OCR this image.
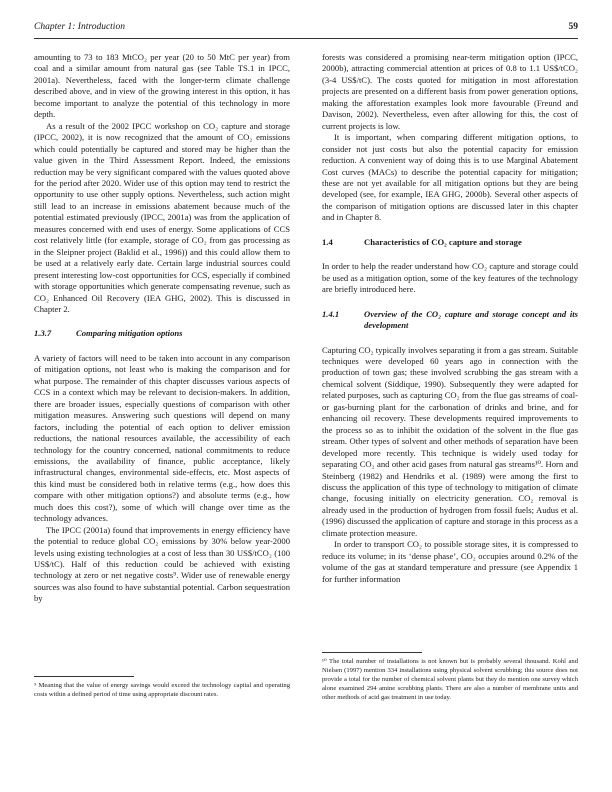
Chapter 1: Introduction	59

amounting to 73 to 183 MtCO₂ per year (20 to 50 MtC per year) from coal and a similar amount from natural gas (see Table TS.1 in IPCC, 2001a). Nevertheless, faced with the longer-term climate challenge described above, and in view of the growing interest in this option, it has become important to analyze the potential of this technology in more depth.

As a result of the 2002 IPCC workshop on CO₂ capture and storage (IPCC, 2002), it is now recognized that the amount of CO₂ emissions which could potentially be captured and stored may be higher than the value given in the Third Assessment Report. Indeed, the emissions reduction may be very significant compared with the values quoted above for the period after 2020. Wider use of this option may tend to restrict the opportunity to use other supply options. Nevertheless, such action might still lead to an increase in emissions abatement because much of the potential estimated previously (IPCC, 2001a) was from the application of measures concerned with end uses of energy. Some applications of CCS cost relatively little (for example, storage of CO₂ from gas processing as in the Sleipner project (Baklid et al., 1996)) and this could allow them to be used at a relatively early date. Certain large industrial sources could present interesting low-cost opportunities for CCS, especially if combined with storage opportunities which generate compensating revenue, such as CO₂ Enhanced Oil Recovery (IEA GHG, 2002). This is discussed in Chapter 2.

1.3.7	Comparing mitigation options

A variety of factors will need to be taken into account in any comparison of mitigation options, not least who is making the comparison and for what purpose. The remainder of this chapter discusses various aspects of CCS in a context which may be relevant to decision-makers. In addition, there are broader issues, especially questions of comparison with other mitigation measures. Answering such questions will depend on many factors, including the potential of each option to deliver emission reductions, the national resources available, the accessibility of each technology for the country concerned, national commitments to reduce emissions, the availability of finance, public acceptance, likely infrastructural changes, environmental side-effects, etc. Most aspects of this kind must be considered both in relative terms (e.g., how does this compare with other mitigation options?) and absolute terms (e.g., how much does this cost?), some of which will change over time as the technology advances.

The IPCC (2001a) found that improvements in energy efficiency have the potential to reduce global CO₂ emissions by 30% below year-2000 levels using existing technologies at a cost of less than 30 US$/tCO₂ (100 US$/tC). Half of this reduction could be achieved with existing technology at zero or net negative costs⁹. Wider use of renewable energy sources was also found to have substantial potential. Carbon sequestration by

⁹ Meaning that the value of energy savings would exceed the technology capital and operating costs within a defined period of time using appropriate discount rates.

forests was considered a promising near-term mitigation option (IPCC, 2000b), attracting commercial attention at prices of 0.8 to 1.1 US$/tCO₂ (3-4 US$/tC). The costs quoted for mitigation in most afforestation projects are presented on a different basis from power generation options, making the afforestation examples look more favourable (Freund and Davison, 2002). Nevertheless, even after allowing for this, the cost of current projects is low.

It is important, when comparing different mitigation options, to consider not just costs but also the potential capacity for emission reduction. A convenient way of doing this is to use Marginal Abatement Cost curves (MACs) to describe the potential capacity for mitigation; these are not yet available for all mitigation options but they are being developed (see, for example, IEA GHG, 2000b). Several other aspects of the comparison of mitigation options are discussed later in this chapter and in Chapter 8.

1.4	Characteristics of CO₂ capture and storage

In order to help the reader understand how CO₂ capture and storage could be used as a mitigation option, some of the key features of the technology are briefly introduced here.

1.4.1	Overview of the CO₂ capture and storage concept and its development

Capturing CO₂ typically involves separating it from a gas stream. Suitable techniques were developed 60 years ago in connection with the production of town gas; these involved scrubbing the gas stream with a chemical solvent (Siddique, 1990). Subsequently they were adapted for related purposes, such as capturing CO₂ from the flue gas streams of coal- or gas-burning plant for the carbonation of drinks and brine, and for enhancing oil recovery. These developments required improvements to the process so as to inhibit the oxidation of the solvent in the flue gas stream. Other types of solvent and other methods of separation have been developed more recently. This technique is widely used today for separating CO₂ and other acid gases from natural gas streams¹⁰. Horn and Steinberg (1982) and Hendriks et al. (1989) were among the first to discuss the application of this type of technology to mitigation of climate change, focusing initially on electricity generation. CO₂ removal is already used in the production of hydrogen from fossil fuels; Audus et al. (1996) discussed the application of capture and storage in this process as a climate protection measure.

In order to transport CO₂ to possible storage sites, it is compressed to reduce its volume; in its ‘dense phase’, CO₂ occupies around 0.2% of the volume of the gas at standard temperature and pressure (see Appendix 1 for further information

¹⁰ The total number of installations is not known but is probably several thousand. Kohl and Nielsen (1997) mention 334 installations using physical solvent scrubbing; this source does not provide a total for the number of chemical solvent plants but they do mention one survey which alone examined 294 amine scrubbing plants. There are also a number of membrane units and other methods of acid gas treatment in use today.
